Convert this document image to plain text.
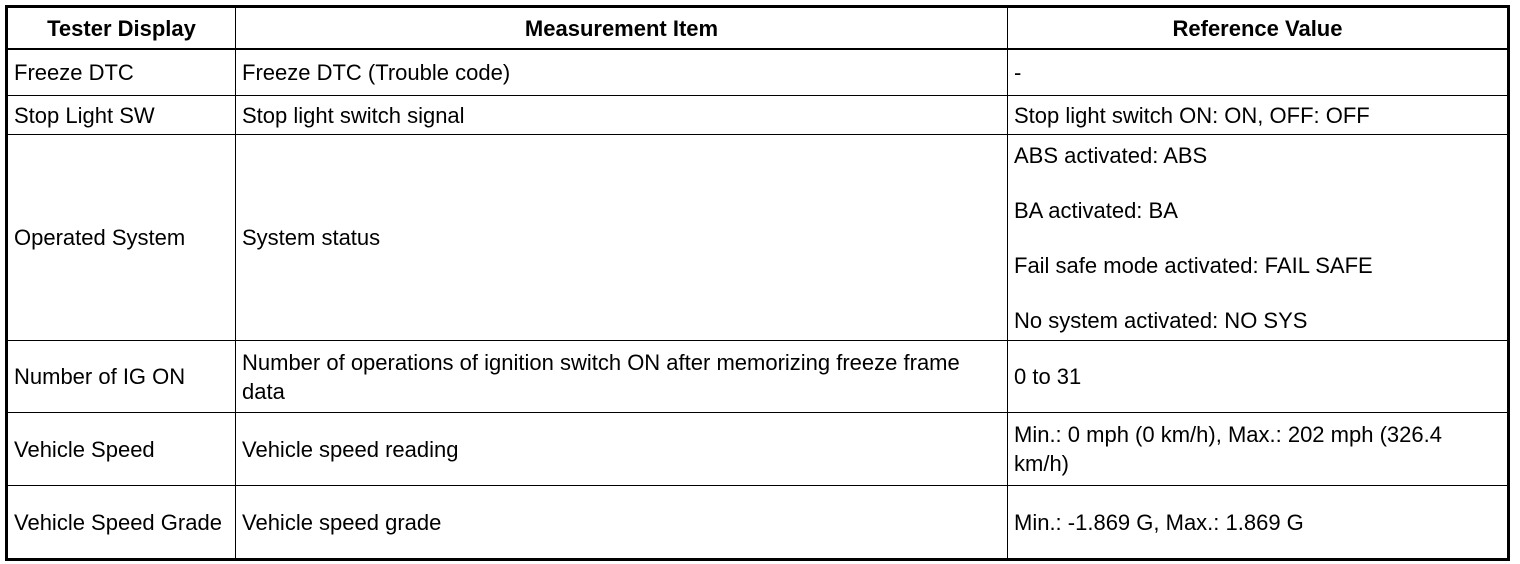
Tester Display	Measurement Item	Reference Value
Freeze DTC	Freeze DTC (Trouble code)	-

Stop Light SW	Stop light switch signal	Stop light switch ON: ON, OFF: OFF

Operated System	System status	ABS activated: ABS
BA activated: BA
Fail safe mode activated: FAIL SAFE
No system activated: NO SYS

Number of IG ON	Number of operations of ignition switch ON after memorizing freeze frame data	0 to 31

Vehicle Speed	Vehicle speed reading	Min.: 0 mph (0 km/h), Max.: 202 mph (326.4 km/h)

Vehicle Speed Grade	Vehicle speed grade	Min.: -1.869 G, Max.: 1.869 G
